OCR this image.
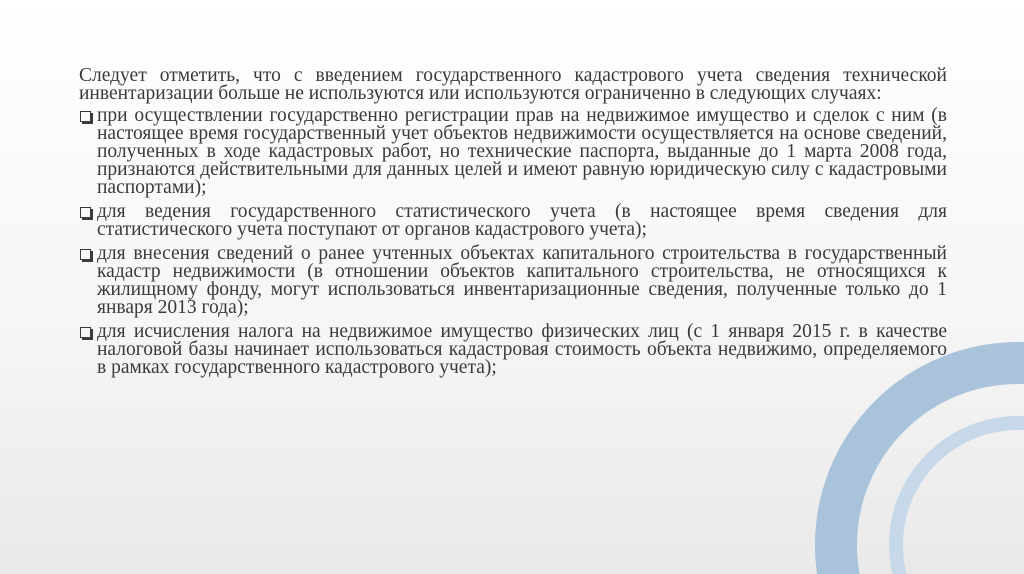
Следует отметить, что с введением государственного кадастрового учета сведения технической инвентаризации больше не используются или используются ограниченно в следующих случаях:

при осуществлении государственно регистрации прав на недвижимое имущество и сделок с ним (в настоящее время государственный учет объектов недвижимости осуществляется на основе сведений, полученных в ходе кадастровых работ, но технические паспорта, выданные до 1 марта 2008 года, признаются действительными для данных целей и имеют равную юридическую силу с кадастровыми паспортами);
для ведения государственного статистического учета (в настоящее время сведения для статистического учета поступают от органов кадастрового учета);
для внесения сведений о ранее учтенных объектах капитального строительства в государственный кадастр недвижимости (в отношении объектов капитального строительства, не относящихся к жилищному фонду, могут использоваться инвентаризационные сведения, полученные только до 1 января 2013 года);
для исчисления налога на недвижимое имущество физических лиц (с 1 января 2015 г. в качестве налоговой базы начинает использоваться кадастровая стоимость объекта недвижимо, определяемого в рамках государственного кадастрового учета);
